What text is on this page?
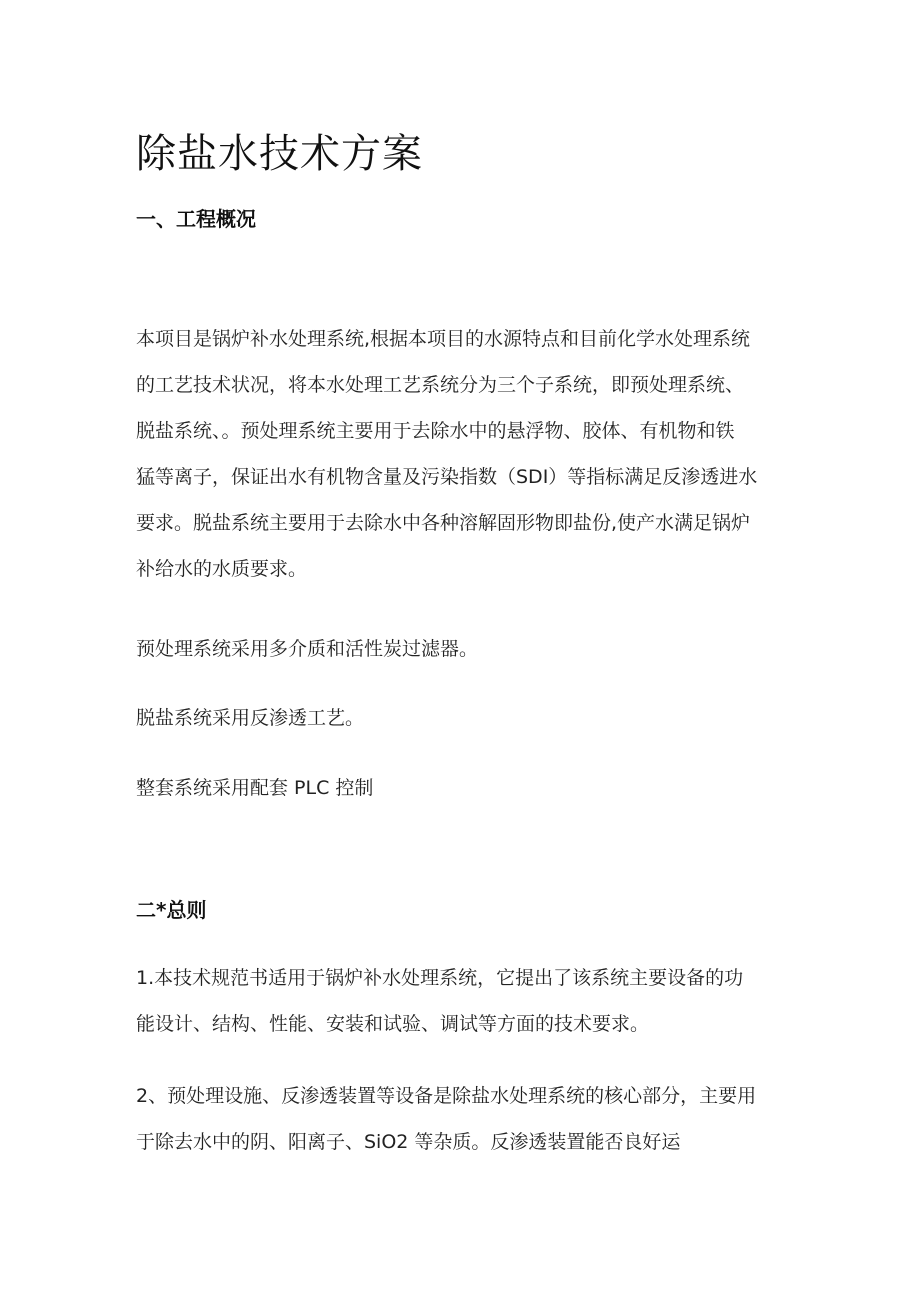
除盐水技术方案
一、工程概况

本项目是锅炉补水处理系统,根据本项目的水源特点和目前化学水处理系统
的工艺技术状况，将本水处理工艺系统分为三个子系统，即预处理系统、
脱盐系统、。预处理系统主要用于去除水中的悬浮物、胶体、有机物和铁
猛等离子，保证出水有机物含量及污染指数（SDI）等指标满足反渗透进水
要求。脱盐系统主要用于去除水中各种溶解固形物即盐份,使产水满足锅炉
补给水的水质要求。

预处理系统采用多介质和活性炭过滤器。

脱盐系统采用反渗透工艺。

整套系统采用配套 PLC 控制

二*总则

1.本技术规范书适用于锅炉补水处理系统，它提出了该系统主要设备的功
能设计、结构、性能、安装和试验、调试等方面的技术要求。

2、预处理设施、反渗透装置等设备是除盐水处理系统的核心部分，主要用
于除去水中的阴、阳离子、SiO2 等杂质。反渗透装置能否良好运
